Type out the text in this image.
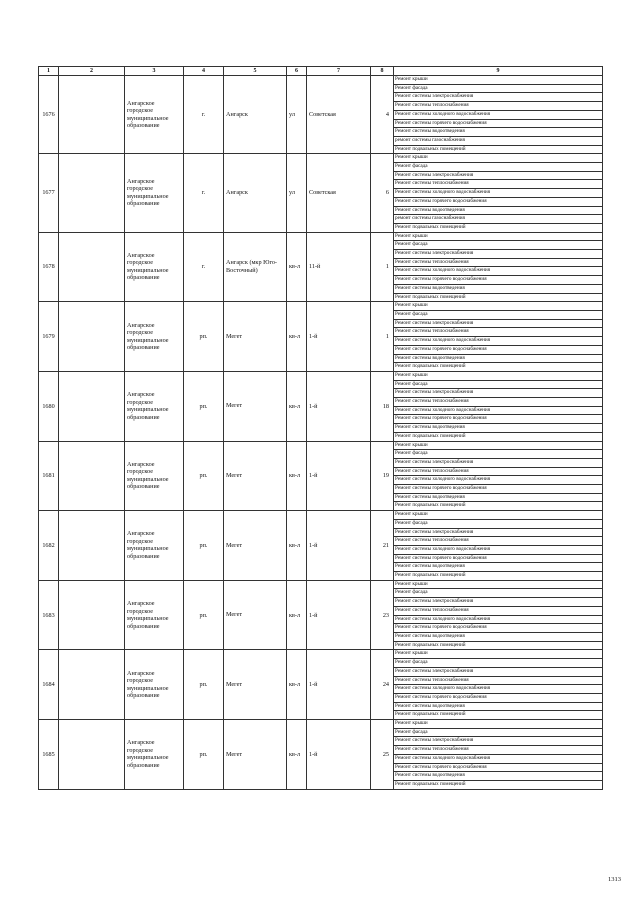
1	2	3	4	5	6	7	8	9
1676		Ангарское городское муниципальное образование	г.	Ангарск	ул	Советская	4	Ремонт крыши
								Ремонт фасада
								Ремонт системы электроснабжения
								Ремонт системы теплоснабжения
								Ремонт системы холодного водоснабжения
								Ремонт системы горячего водоснабжения
								Ремонт системы водоотведения
								ремонт системы газоснабжения
								Ремонт подвальных помещений
1677		Ангарское городское муниципальное образование	г.	Ангарск	ул	Советская	6	Ремонт крыши
								Ремонт фасада
								Ремонт системы электроснабжения
								Ремонт системы теплоснабжения
								Ремонт системы холодного водоснабжения
								Ремонт системы горячего водоснабжения
								Ремонт системы водоотведения
								ремонт системы газоснабжения
								Ремонт подвальных помещений
1678		Ангарское городское муниципальное образование	г.	Ангарск (мкр Юго-Восточный)	кв-л	11-й	1	Ремонт крыши
								Ремонт фасада
								Ремонт системы электроснабжения
								Ремонт системы теплоснабжения
								Ремонт системы холодного водоснабжения
								Ремонт системы горячего водоснабжения
								Ремонт системы водоотведения
								Ремонт подвальных помещений
1679		Ангарское городское муниципальное образование	рп.	Мегет	кв-л	1-й	1	Ремонт крыши
								Ремонт фасада
								Ремонт системы электроснабжения
								Ремонт системы теплоснабжения
								Ремонт системы холодного водоснабжения
								Ремонт системы горячего водоснабжения
								Ремонт системы водоотведения
								Ремонт подвальных помещений
1680		Ангарское городское муниципальное образование	рп.	Мегет	кв-л	1-й	18	Ремонт крыши
								Ремонт фасада
								Ремонт системы электроснабжения
								Ремонт системы теплоснабжения
								Ремонт системы холодного водоснабжения
								Ремонт системы горячего водоснабжения
								Ремонт системы водоотведения
								Ремонт подвальных помещений
1681		Ангарское городское муниципальное образование	рп.	Мегет	кв-л	1-й	19	Ремонт крыши
								Ремонт фасада
								Ремонт системы электроснабжения
								Ремонт системы теплоснабжения
								Ремонт системы холодного водоснабжения
								Ремонт системы горячего водоснабжения
								Ремонт системы водоотведения
								Ремонт подвальных помещений
1682		Ангарское городское муниципальное образование	рп.	Мегет	кв-л	1-й	21	Ремонт крыши
								Ремонт фасада
								Ремонт системы электроснабжения
								Ремонт системы теплоснабжения
								Ремонт системы холодного водоснабжения
								Ремонт системы горячего водоснабжения
								Ремонт системы водоотведения
								Ремонт подвальных помещений
1683		Ангарское городское муниципальное образование	рп.	Мегет	кв-л	1-й	23	Ремонт крыши
								Ремонт фасада
								Ремонт системы электроснабжения
								Ремонт системы теплоснабжения
								Ремонт системы холодного водоснабжения
								Ремонт системы горячего водоснабжения
								Ремонт системы водоотведения
								Ремонт подвальных помещений
1684		Ангарское городское муниципальное образование	рп.	Мегет	кв-л	1-й	24	Ремонт крыши
								Ремонт фасада
								Ремонт системы электроснабжения
								Ремонт системы теплоснабжения
								Ремонт системы холодного водоснабжения
								Ремонт системы горячего водоснабжения
								Ремонт системы водоотведения
								Ремонт подвальных помещений
1685		Ангарское городское муниципальное образование	рп.	Мегет	кв-л	1-й	25	Ремонт крыши
								Ремонт фасада
								Ремонт системы электроснабжения
								Ремонт системы теплоснабжения
								Ремонт системы холодного водоснабжения
								Ремонт системы горячего водоснабжения
								Ремонт системы водоотведения
								Ремонт подвальных помещений
1313
